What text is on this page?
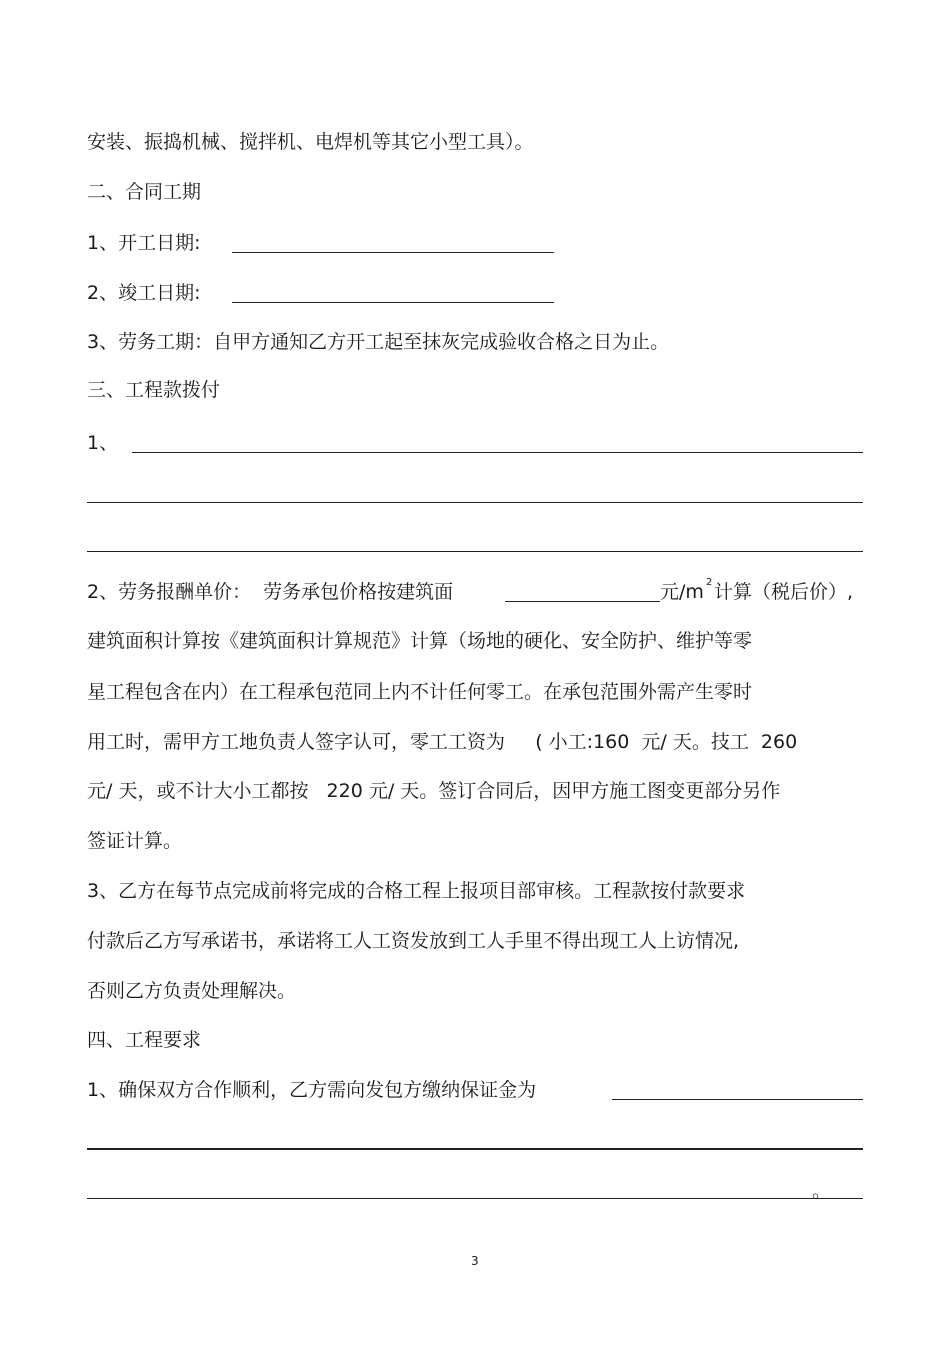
安装、振捣机械、搅拌机、电焊机等其它小型工具）。
二、合同工期
1、开工日期:
2、竣工日期:
3、劳务工期：自甲方通知乙方开工起至抹灰完成验收合格之日为止。
三、工程款拨付
1、
2、劳务报酬单价：  劳务承包价格按建筑面	元/m 2 计算（税后价）,
建筑面积计算按《建筑面积计算规范》计算（场地的硬化、安全防护、维护等零
星工程包含在内）在工程承包范同上内不计任何零工。在承包范围外需产生零时
用工时，需甲方工地负责人签字认可，零工工资为     ( 小工:160  元/ 天。技工  260
元/ 天，或不计大小工都按   220 元/ 天。签订合同后，因甲方施工图变更部分另作
签证计算。
3、乙方在每节点完成前将完成的合格工程上报项目部审核。工程款按付款要求
付款后乙方写承诺书，承诺将工人工资发放到工人手里不得出现工人上访情况,
否则乙方负责处理解决。
四、工程要求
1、确保双方合作顺利，乙方需向发包方缴纳保证金为
。
3
